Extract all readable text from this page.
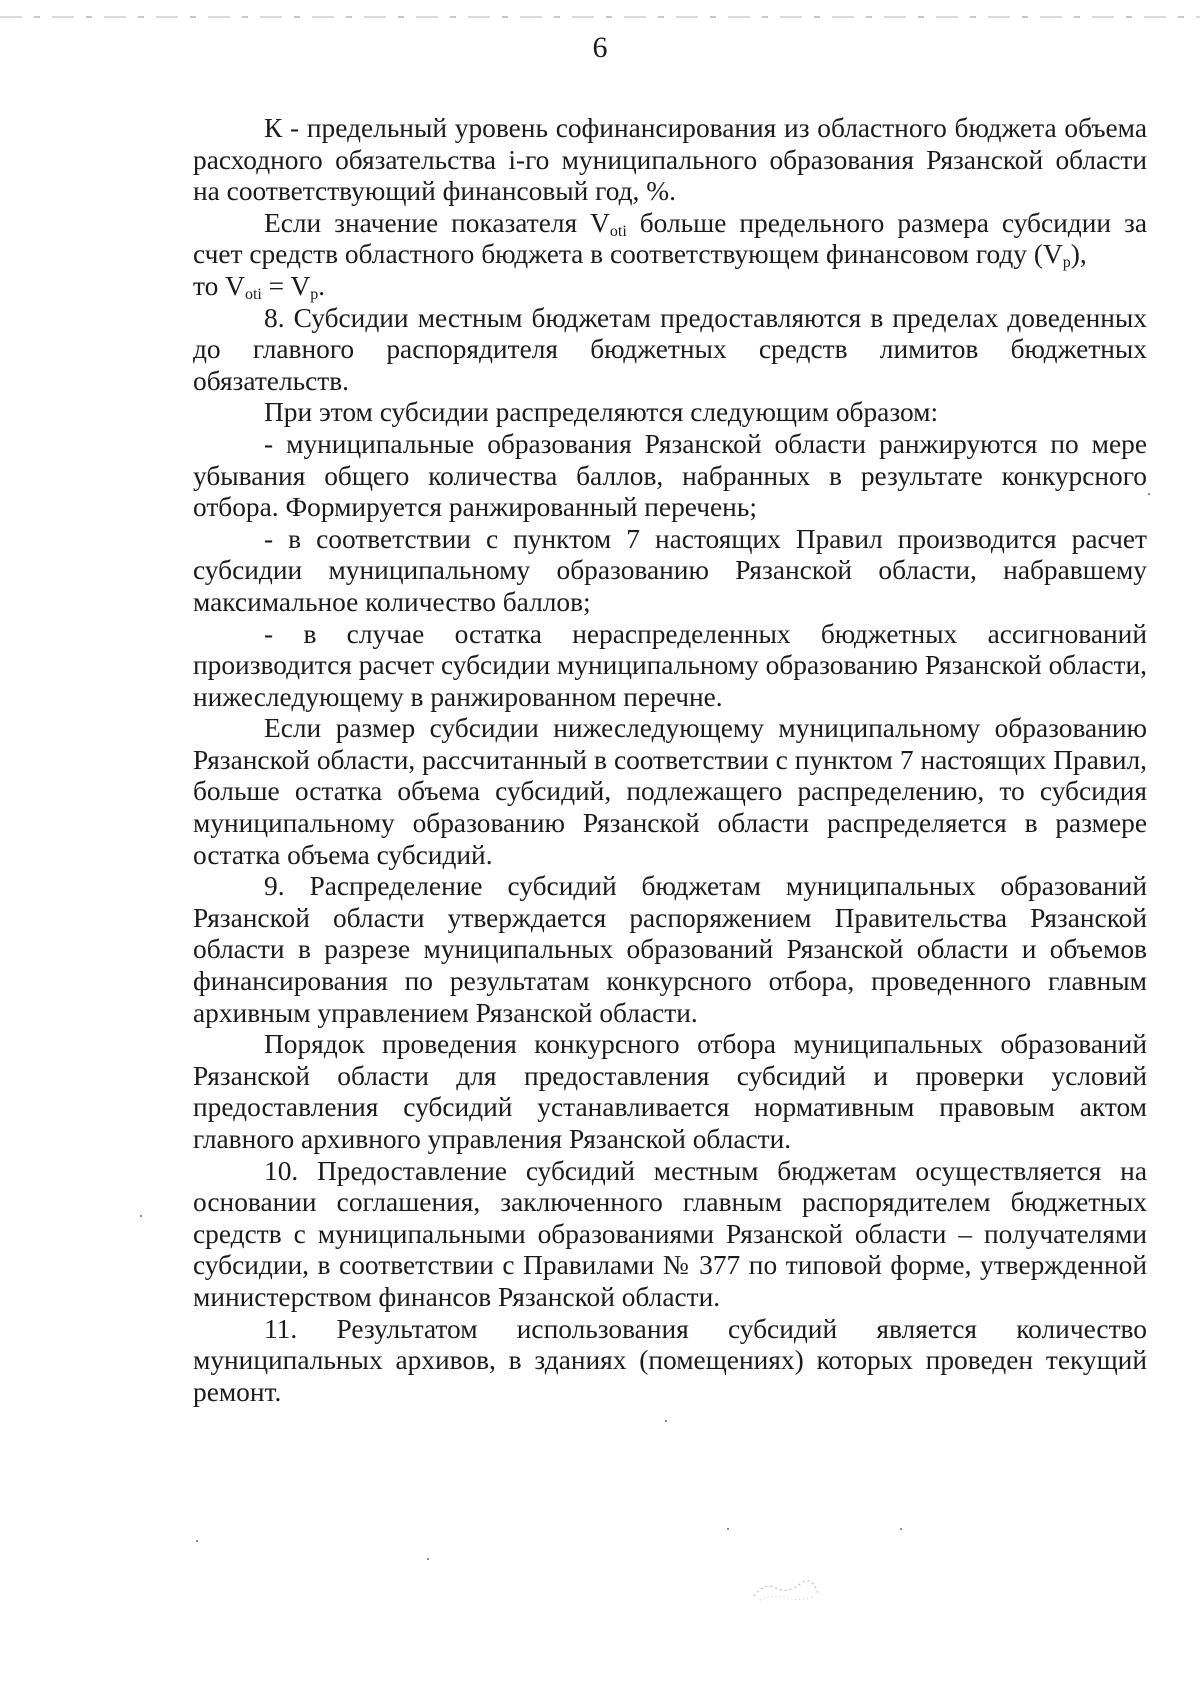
6

К - предельный уровень софинансирования из областного бюджета объема расходного обязательства i-го муниципального образования Рязанской области на соответствующий финансовый год, %.

Если значение показателя $V_{oti}$ больше предельного размера субсидии за счет средств областного бюджета в соответствующем финансовом году $(V_p)$,

то $V_{oti} = V_p$.

8. Субсидии местным бюджетам предоставляются в пределах доведенных до главного распорядителя бюджетных средств лимитов бюджетных обязательств.

При этом субсидии распределяются следующим образом:

- муниципальные образования Рязанской области ранжируются по мере убывания общего количества баллов, набранных в результате конкурсного отбора. Формируется ранжированный перечень;

- в соответствии с пунктом 7 настоящих Правил производится расчет субсидии муниципальному образованию Рязанской области, набравшему максимальное количество баллов;

- в случае остатка нераспределенных бюджетных ассигнований производится расчет субсидии муниципальному образованию Рязанской области, нижеследующему в ранжированном перечне.

Если размер субсидии нижеследующему муниципальному образованию Рязанской области, рассчитанный в соответствии с пунктом 7 настоящих Правил, больше остатка объема субсидий, подлежащего распределению, то субсидия муниципальному образованию Рязанской области распределяется в размере остатка объема субсидий.

9. Распределение субсидий бюджетам муниципальных образований Рязанской области утверждается распоряжением Правительства Рязанской области в разрезе муниципальных образований Рязанской области и объемов финансирования по результатам конкурсного отбора, проведенного главным архивным управлением Рязанской области.

Порядок проведения конкурсного отбора муниципальных образований Рязанской области для предоставления субсидий и проверки условий предоставления субсидий устанавливается нормативным правовым актом главного архивного управления Рязанской области.

10. Предоставление субсидий местным бюджетам осуществляется на основании соглашения, заключенного главным распорядителем бюджетных средств с муниципальными образованиями Рязанской области – получателями субсидии, в соответствии с Правилами № 377 по типовой форме, утвержденной министерством финансов Рязанской области.

11. Результатом использования субсидий является количество муниципальных архивов, в зданиях (помещениях) которых проведен текущий ремонт.
